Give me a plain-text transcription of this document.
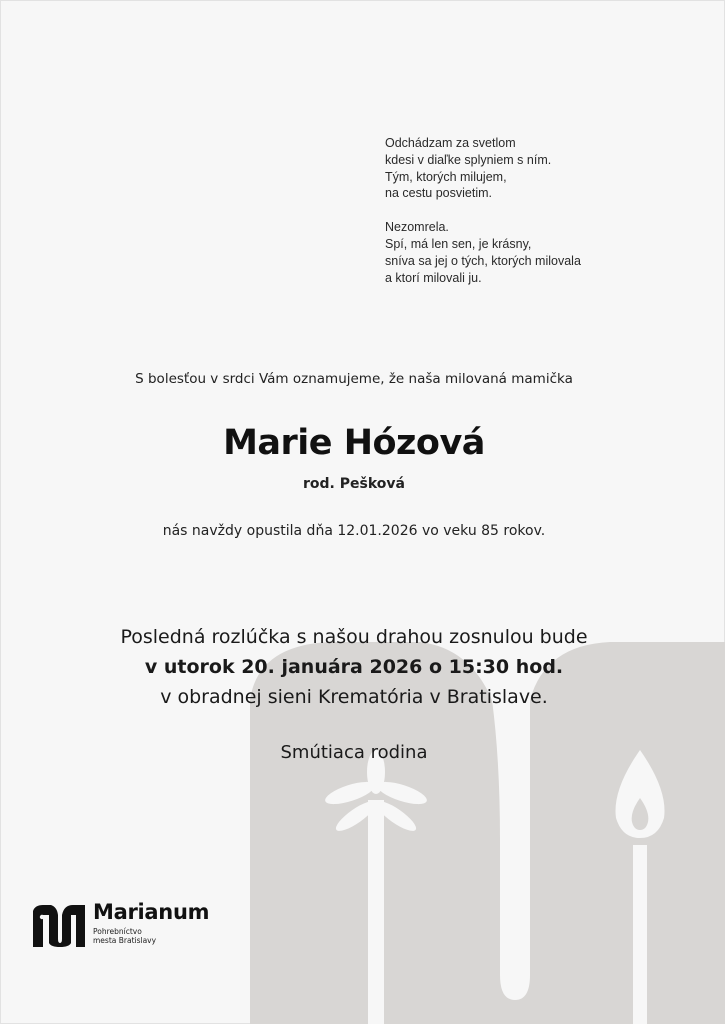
Odchádzam za svetlom
kdesi v diaľke splyniem s ním.
Tým, ktorých milujem,
na cestu posvietim.
Nezomrela.
Spí, má len sen, je krásny,
sníva sa jej o tých, ktorých milovala
a ktorí milovali ju.
S bolesťou v srdci Vám oznamujeme, že naša milovaná mamička
Marie Hózová
rod. Pešková
nás navždy opustila dňa 12.01.2026 vo veku 85 rokov.
Posledná rozlúčka s našou drahou zosnulou bude
v utorok 20. januára 2026 o 15:30 hod.
v obradnej sieni Krematória v Bratislave.
Smútiaca rodina
Marianum
Pohrebníctvo
mesta Bratislavy
